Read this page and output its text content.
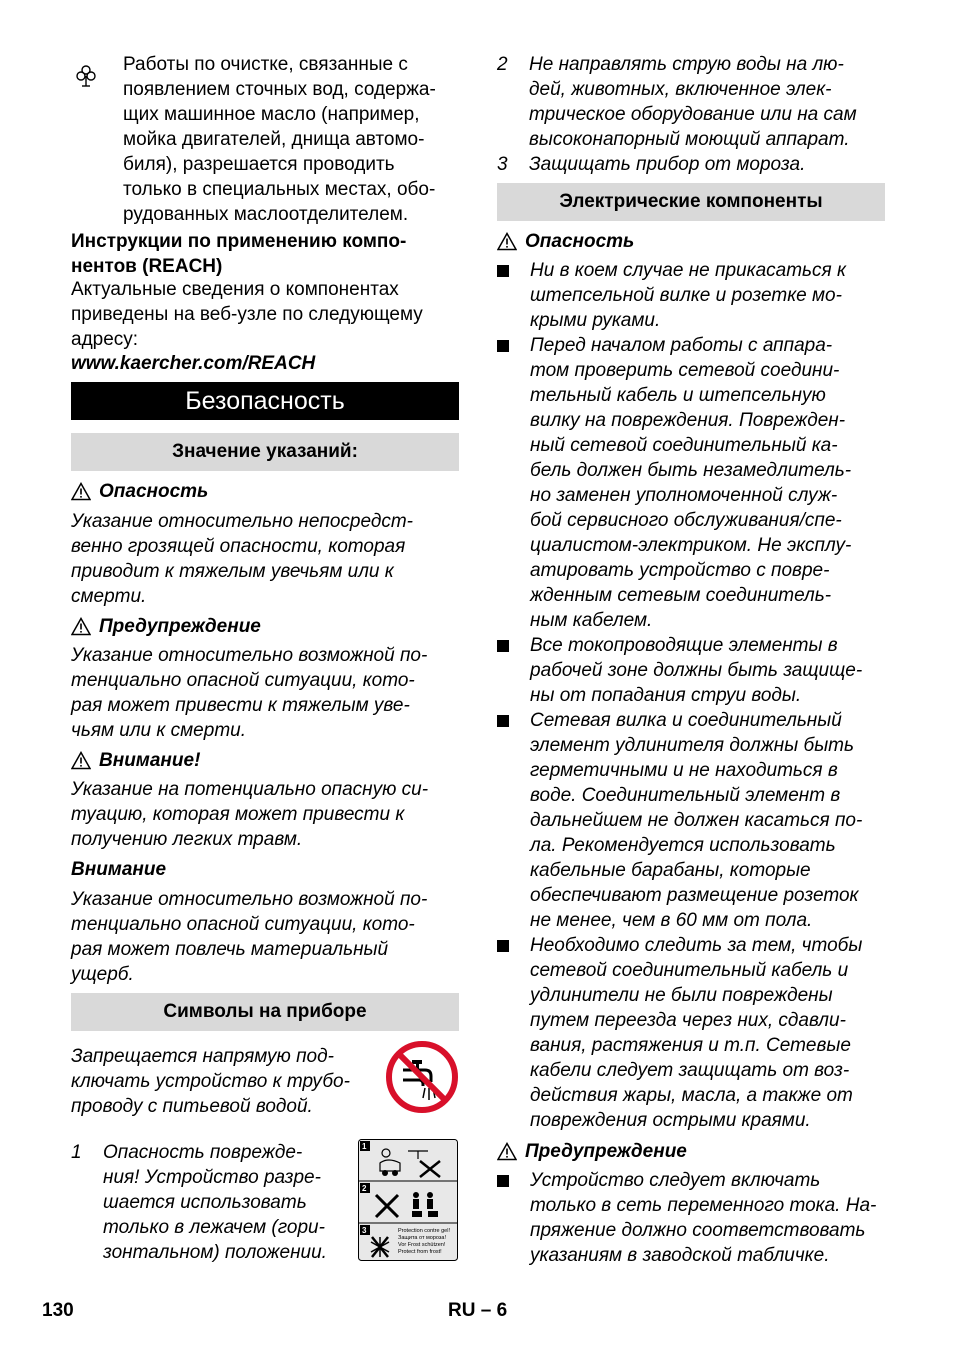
Работы по очистке, связанные с
появлением сточных вод, содержа-
щих машинное масло (например,
мойка двигателей, днища автомо-
биля), разрешается проводить
только в специальных местах, обо-
рудованных маслоотделителем.
Инструкции по применению компо-
нентов (REACH)
Актуальные сведения о компонентах
приведены на веб-узле по следующему
адресу:
www.kaercher.com/REACH
Безопасность
Значение указаний:
Опасность
Указание относительно непосредст-
венно грозящей опасности, которая
приводит к тяжелым увечьям или к
смерти.
Предупреждение
Указание относительно возможной по-
тенциально опасной ситуации, кото-
рая может привести к тяжелым уве-
чьям или к смерти.
Внимание!
Указание на потенциально опасную си-
туацию, которая может привести к
получению легких травм.
Внимание
Указание относительно возможной по-
тенциально опасной ситуации, кото-
рая может повлечь материальный
ущерб.
Символы на приборе
Запрещается напрямую под-
ключать устройство к трубо-
проводу с питьевой водой.
1 Опасность поврежде-
ния! Устройство разре-
шается использовать
только в лежачем (гори-
зонтальном) положении.
1
2
3	Protection contre gel!
Защита от мороза!
Vor Frost schützen!
Protect from frost!
2 Не направлять струю воды на лю-
дей, животных, включенное элек-
трическое оборудование или на сам
высоконапорный моющий аппарат.
3 Защищать прибор от мороза.
Электрические компоненты
Опасность
Ни в коем случае не прикасаться к
штепсельной вилке и розетке мо-
крыми руками.
Перед началом работы с аппара-
том проверить сетевой соедини-
тельный кабель и штепсельную
вилку на повреждения. Поврежден-
ный сетевой соединительный ка-
бель должен быть незамедлитель-
но заменен уполномоченной служ-
бой сервисного обслуживания/спе-
циалистом-электриком. Не эксплу-
атировать устройство с повре-
жденным сетевым соединитель-
ным кабелем.
Все токопроводящие элементы в
рабочей зоне должны быть защище-
ны от попадания струи воды.
Сетевая вилка и соединительный
элемент удлинителя должны быть
герметичными и не находиться в
воде. Соединительный элемент в
дальнейшем не должен касаться по-
ла. Рекомендуется использовать
кабельные барабаны, которые
обеспечивают размещение розеток
не менее, чем в 60 мм от пола.
Необходимо следить за тем, чтобы
сетевой соединительный кабель и
удлинители не были повреждены
путем переезда через них, сдавли-
вания, растяжения и т.п. Сетевые
кабели следует защищать от воз-
действия жары, масла, а также от
повреждения острыми краями.
Предупреждение
Устройство следует включать
только в сеть переменного тока. На-
пряжение должно соответствовать
указаниям в заводской табличке.
130	RU – 6
